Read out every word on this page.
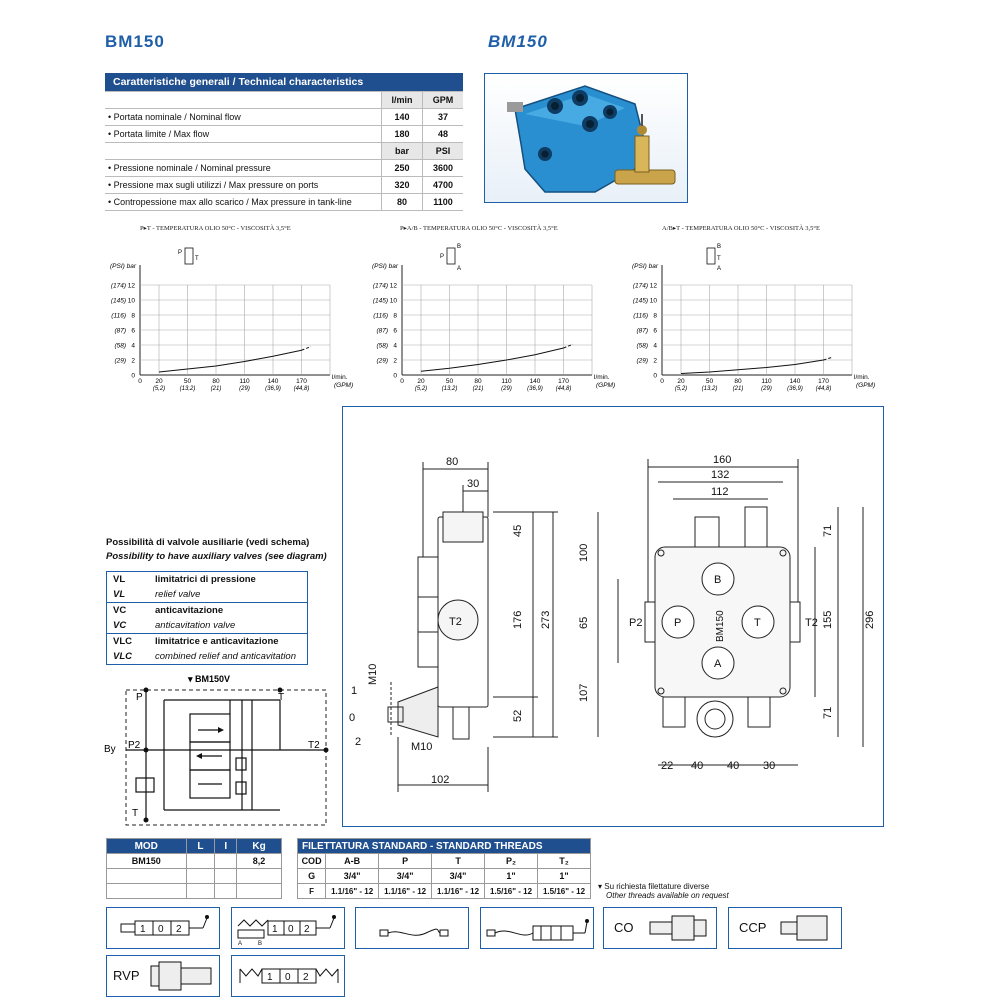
BM150	BM150
Caratteristiche generali / Technical characteristics		
	l/min	GPM
• Portata nominale / Nominal flow	140	37
• Portata limite / Max flow	180	48
	bar	PSI
• Pressione nominale / Nominal pressure	250	3600
• Pressione max sugli utilizzi / Max pressure on ports	320	4700
• Contropessione max allo scarico / Max pressure in tank-line	80	1100
P▸T - TEMPERATURA OLIO 50°C - VISCOSITÀ 3,5°E	P▸A/B - TEMPERATURA OLIO 50°C - VISCOSITÀ 3,5°E	A/B▸T - TEMPERATURA OLIO 50°C - VISCOSITÀ 3,5°E
0
2
(29)
4
(58)
6
(87)
8
(116)
10
(145)
12
(174)
0 20
(5,2)
50
(13,2)
80
(21)
110
(29)
140
(36,9)
170
(44,8)
(PSI) bar
l/min.
(GPM)
P
T
0
2
(29)
4
(58)
6
(87)
8
(116)
10
(145)
12
(174)
0 20
(5,2)
50
(13,2)
80
(21)
110
(29)
140
(36,9)
170
(44,8)
(PSI) bar
l/min.
(GPM)
P
B
A
0
2
(29)
4
(58)
6
(87)
8
(116)
10
(145)
12
(174)
0 20
(5,2)
50
(13,2)
80
(21)
110
(29)
140
(36,9)
170
(44,8)
(PSI) bar
l/min.
(GPM)
B
T
A
Possibilità di valvole ausiliarie (vedi schema)
Possibility to have auxiliary valves (see diagram)
VL	limitatrici di pressione
VL	relief valve
VC	anticavitazione
VC	anticavitation valve
VLC	limitatrice e anticavitazione
VLC	combined relief and anticavitation
▾ BM150V
P	T
By P2	T2
T
80
30
45
176 273
52
102
M10
M10
T2
1
0
2
160
132
112
100
65
107
71
155	296
71
22 40 40 30
P2	T2
B
P	T
A
BM150
MOD	L	I	Kg
BM150			8,2

FILETTATURA STANDARD - STANDARD THREADS					
COD	A-B	P	T	P₂	T₂
G	3/4"	3/4"	3/4"	1"	1"
F	1.1/16" - 12	1.1/16" - 12	1.1/16" - 12	1.5/16" - 12	1.5/16" - 12 ▾ Su richiesta filettature diverse
Other threads available on request
1 0 2	1 0 2
A	B
CO	CCP
RVP	1 0 2
